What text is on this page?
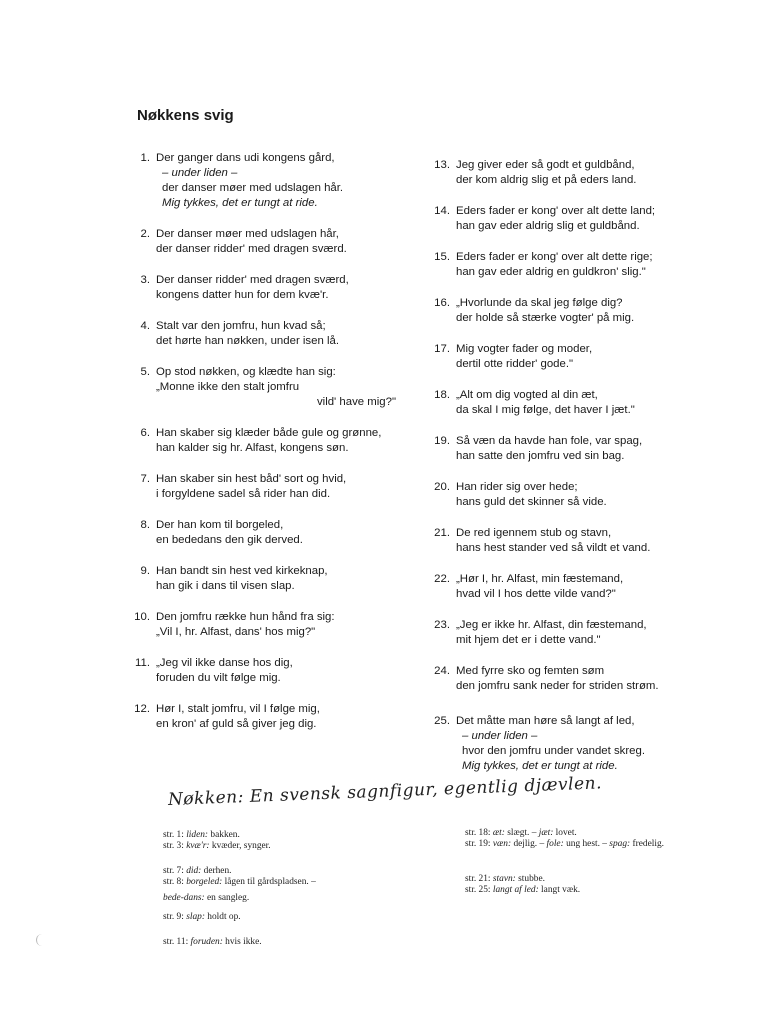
Nøkkens svig
1. Der ganger dans udi kongens gård,
– under liden –
der danser møer med udslagen hår.
Mig tykkes, det er tungt at ride.
2. Der danser møer med udslagen hår,
der danser ridder' med dragen sværd.
3. Der danser ridder' med dragen sværd,
kongens datter hun for dem kvæ'r.
4. Stalt var den jomfru, hun kvad så;
det hørte han nøkken, under isen lå.
5. Op stod nøkken, og klædte han sig:
„Monne ikke den stalt jomfru
vild' have mig?"
6. Han skaber sig klæder både gule og grønne,
han kalder sig hr. Alfast, kongens søn.
7. Han skaber sin hest båd' sort og hvid,
i forgyldene sadel så rider han did.
8. Der han kom til borgeled,
en bededans den gik derved.
9. Han bandt sin hest ved kirkeknap,
han gik i dans til visen slap.
10. Den jomfru række hun hånd fra sig:
„Vil I, hr. Alfast, dans' hos mig?"
11. „Jeg vil ikke danse hos dig,
foruden du vilt følge mig.
12. Hør I, stalt jomfru, vil I følge mig,
en kron' af guld så giver jeg dig.
13. Jeg giver eder så godt et guldbånd,
der kom aldrig slig et på eders land.
14. Eders fader er kong' over alt dette land;
han gav eder aldrig slig et guldbånd.
15. Eders fader er kong' over alt dette rige;
han gav eder aldrig en guldkron' slig."
16. „Hvorlunde da skal jeg følge dig?
der holde så stærke vogter' på mig.
17. Mig vogter fader og moder,
dertil otte ridder' gode."
18. „Alt om dig vogted al din æt,
da skal I mig følge, det haver I jæt."
19. Så væn da havde han fole, var spag,
han satte den jomfru ved sin bag.
20. Han rider sig over hede;
hans guld det skinner så vide.
21. De red igennem stub og stavn,
hans hest stander ved så vildt et vand.
22. „Hør I, hr. Alfast, min fæstemand,
hvad vil I hos dette vilde vand?"
23. „Jeg er ikke hr. Alfast, din fæstemand,
mit hjem det er i dette vand."
24. Med fyrre sko og femten søm
den jomfru sank neder for striden strøm.
25. Det måtte man høre så langt af led,
– under liden –
hvor den jomfru under vandet skreg.
Mig tykkes, det er tungt at ride.
Nøkken: En svensk sagnfigur, egentlig djævlen.

str. 1: liden: bakken.

str. 3: kvæ'r: kvæder, synger.

str. 7: did: derhen.

str. 8: borgeled: lågen til gårdspladsen. –

bede-dans: en sangleg.

str. 9: slap: holdt op.

str. 11: foruden: hvis ikke.

str. 18: æt: slægt. – jæt: lovet.

str. 19: væn: dejlig. – fole: ung hest. – spag: fredelig.

str. 21: stavn: stubbe.

str. 25: langt af led: langt væk.
